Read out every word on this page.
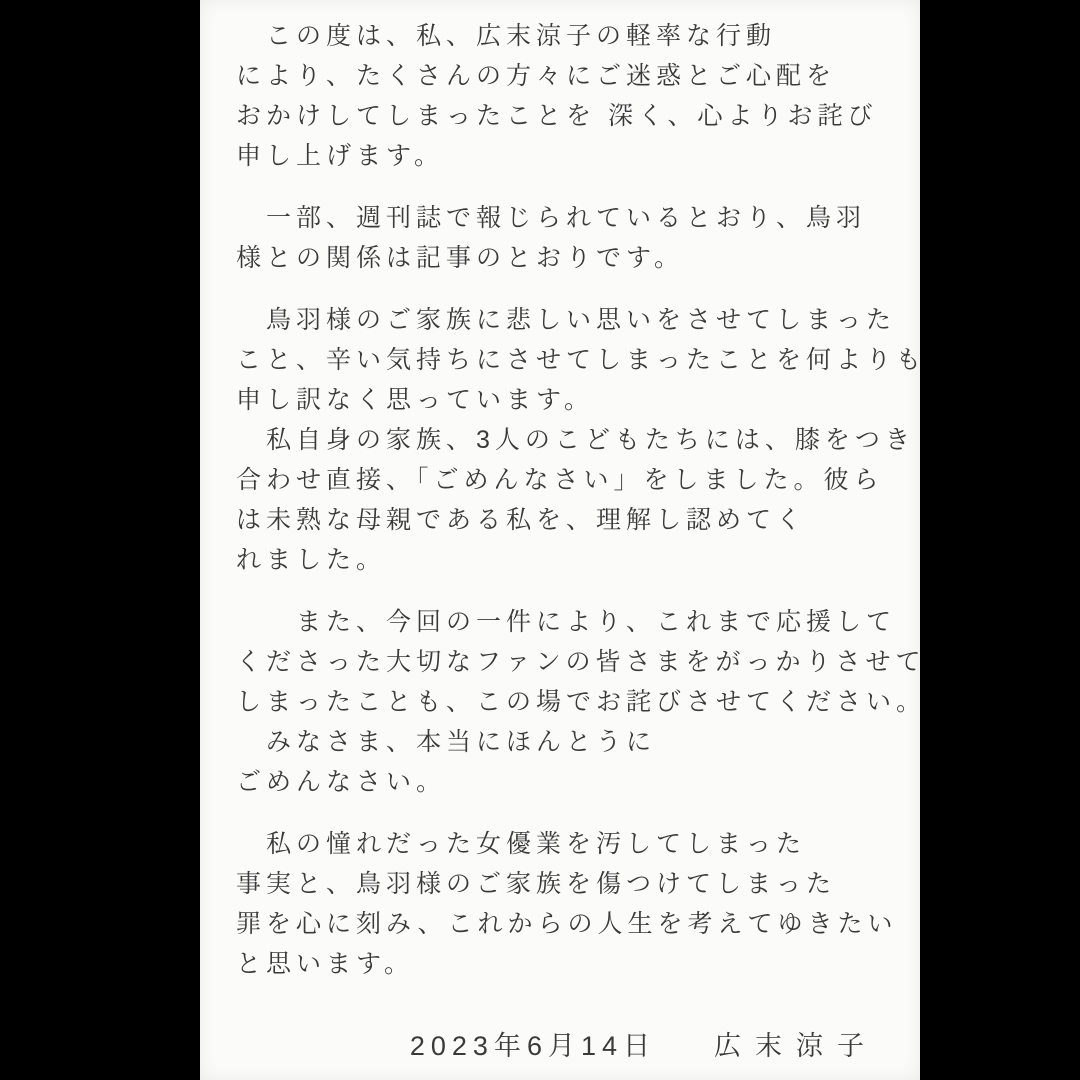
　この度は、私、広末涼子の軽率な行動
により、たくさんの方々にご迷惑とご心配を
おかけしてしまったことを 深く、心よりお詫び
申し上げます。
　一部、週刊誌で報じられているとおり、鳥羽
様との関係は記事のとおりです。
　鳥羽様のご家族に悲しい思いをさせてしまった
こと、辛い気持ちにさせてしまったことを何よりも
申し訳なく思っています。
　私自身の家族、3人のこどもたちには、膝をつき
合わせ直接、「ごめんなさい」をしました。彼ら
は未熟な母親である私を、理解し認めてく
れました。
　　また、今回の一件により、これまで応援して
くださった大切なファンの皆さまをがっかりさせて
しまったことも、この場でお詫びさせてください。
　みなさま、本当にほんとうに
ごめんなさい。
　私の憧れだった女優業を汚してしまった
事実と、鳥羽様のご家族を傷つけてしまった
罪を心に刻み、これからの人生を考えてゆきたい
と思います。
2023年6月14日 広末涼子
